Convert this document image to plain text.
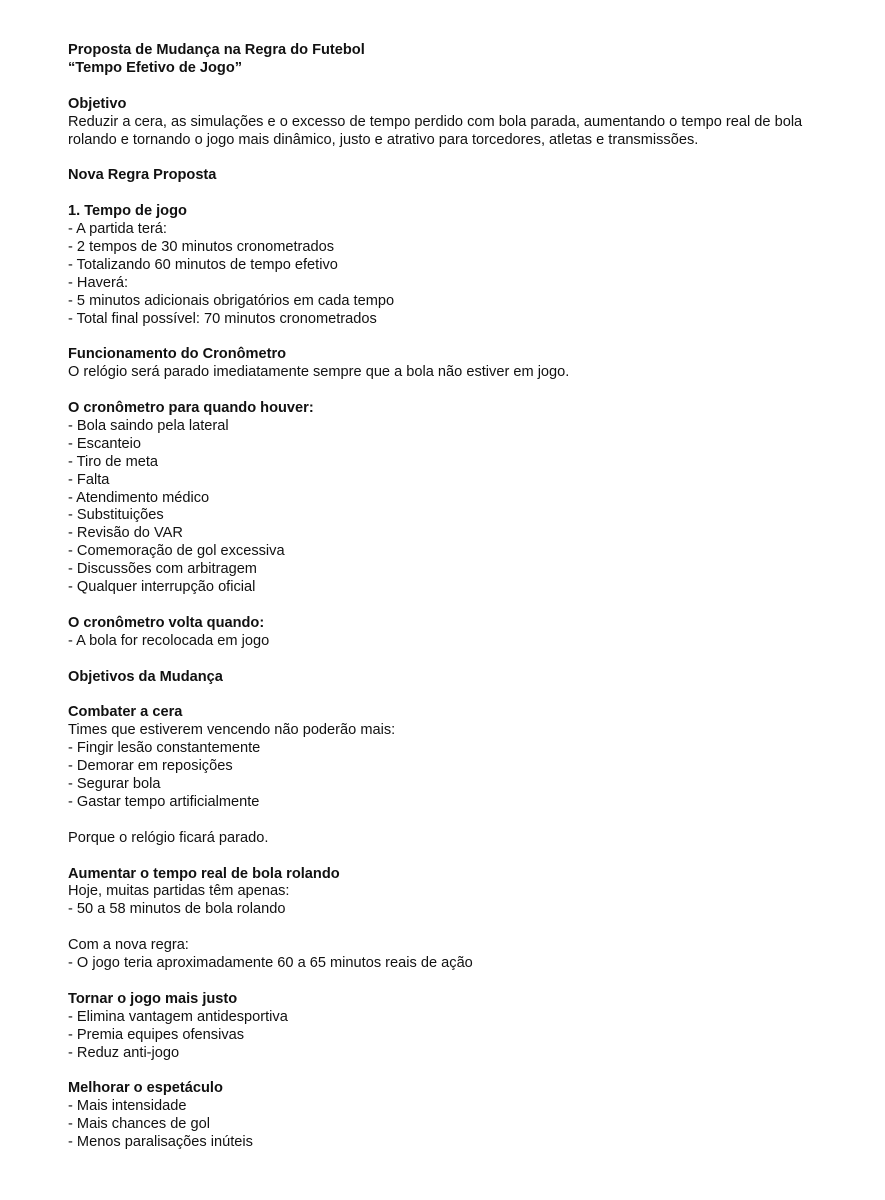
Proposta de Mudança na Regra do Futebol
“Tempo Efetivo de Jogo”
Objetivo
Reduzir a cera, as simulações e o excesso de tempo perdido com bola parada, aumentando o tempo real de bola
rolando e tornando o jogo mais dinâmico, justo e atrativo para torcedores, atletas e transmissões.
Nova Regra Proposta
1. Tempo de jogo
- A partida terá:
- 2 tempos de 30 minutos cronometrados
- Totalizando 60 minutos de tempo efetivo
- Haverá:
- 5 minutos adicionais obrigatórios em cada tempo
- Total final possível: 70 minutos cronometrados
Funcionamento do Cronômetro
O relógio será parado imediatamente sempre que a bola não estiver em jogo.
O cronômetro para quando houver:
- Bola saindo pela lateral
- Escanteio
- Tiro de meta
- Falta
- Atendimento médico
- Substituições
- Revisão do VAR
- Comemoração de gol excessiva
- Discussões com arbitragem
- Qualquer interrupção oficial
O cronômetro volta quando:
- A bola for recolocada em jogo
Objetivos da Mudança
Combater a cera
Times que estiverem vencendo não poderão mais:
- Fingir lesão constantemente
- Demorar em reposições
- Segurar bola
- Gastar tempo artificialmente
Porque o relógio ficará parado.
Aumentar o tempo real de bola rolando
Hoje, muitas partidas têm apenas:
- 50 a 58 minutos de bola rolando
Com a nova regra:
- O jogo teria aproximadamente 60 a 65 minutos reais de ação
Tornar o jogo mais justo
- Elimina vantagem antidesportiva
- Premia equipes ofensivas
- Reduz anti-jogo
Melhorar o espetáculo
- Mais intensidade
- Mais chances de gol
- Menos paralisações inúteis
